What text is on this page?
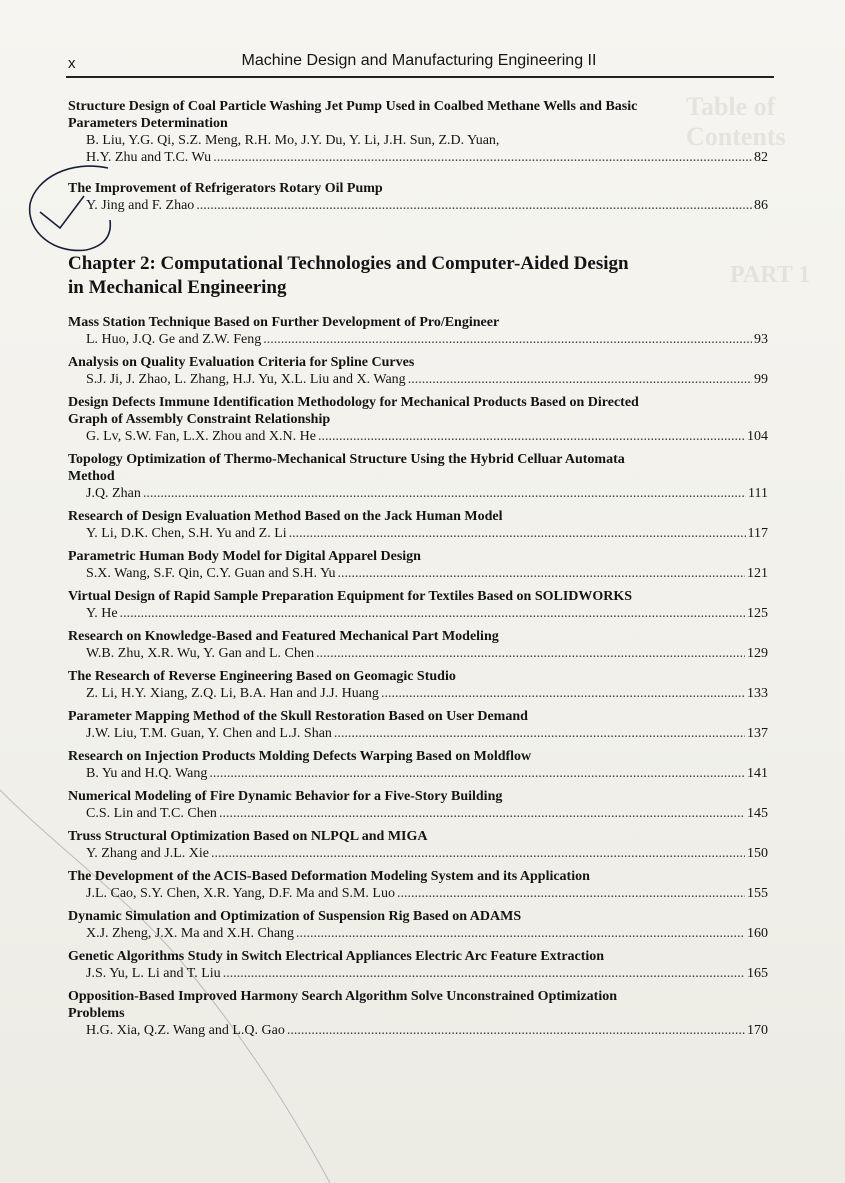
Table of Contents
PART 1
x	Machine Design and Manufacturing Engineering II
Structure Design of Coal Particle Washing Jet Pump Used in Coalbed Methane Wells and Basic Parameters Determination
B. Liu, Y.G. Qi, S.Z. Meng, R.H. Mo, J.Y. Du, Y. Li, J.H. Sun, Z.D. Yuan,
H.Y. Zhu and T.C. Wu .....	82
The Improvement of Refrigerators Rotary Oil Pump
Y. Jing and F. Zhao .....	86
Chapter 2: Computational Technologies and Computer-Aided Design in Mechanical Engineering
Mass Station Technique Based on Further Development of Pro/Engineer
L. Huo, J.Q. Ge and Z.W. Feng .....	93
Analysis on Quality Evaluation Criteria for Spline Curves
S.J. Ji, J. Zhao, L. Zhang, H.J. Yu, X.L. Liu and X. Wang .....	99
Design Defects Immune Identification Methodology for Mechanical Products Based on Directed Graph of Assembly Constraint Relationship
G. Lv, S.W. Fan, L.X. Zhou and X.N. He .....	104
Topology Optimization of Thermo-Mechanical Structure Using the Hybrid Celluar Automata Method
J.Q. Zhan .....	111
Research of Design Evaluation Method Based on the Jack Human Model
Y. Li, D.K. Chen, S.H. Yu and Z. Li .....	117
Parametric Human Body Model for Digital Apparel Design
S.X. Wang, S.F. Qin, C.Y. Guan and S.H. Yu .....	121
Virtual Design of Rapid Sample Preparation Equipment for Textiles Based on SOLIDWORKS
Y. He .....	125
Research on Knowledge-Based and Featured Mechanical Part Modeling
W.B. Zhu, X.R. Wu, Y. Gan and L. Chen .....	129
The Research of Reverse Engineering Based on Geomagic Studio
Z. Li, H.Y. Xiang, Z.Q. Li, B.A. Han and J.J. Huang .....	133
Parameter Mapping Method of the Skull Restoration Based on User Demand
J.W. Liu, T.M. Guan, Y. Chen and L.J. Shan .....	137
Research on Injection Products Molding Defects Warping Based on Moldflow
B. Yu and H.Q. Wang .....	141
Numerical Modeling of Fire Dynamic Behavior for a Five-Story Building
C.S. Lin and T.C. Chen .....	145
Truss Structural Optimization Based on NLPQL and MIGA
Y. Zhang and J.L. Xie .....	150
The Development of the ACIS-Based Deformation Modeling System and its Application
J.L. Cao, S.Y. Chen, X.R. Yang, D.F. Ma and S.M. Luo .....	155
Dynamic Simulation and Optimization of Suspension Rig Based on ADAMS
X.J. Zheng, J.X. Ma and X.H. Chang .....	160
Genetic Algorithms Study in Switch Electrical Appliances Electric Arc Feature Extraction
J.S. Yu, L. Li and T. Liu .....	165
Opposition-Based Improved Harmony Search Algorithm Solve Unconstrained Optimization Problems
H.G. Xia, Q.Z. Wang and L.Q. Gao .....	170
